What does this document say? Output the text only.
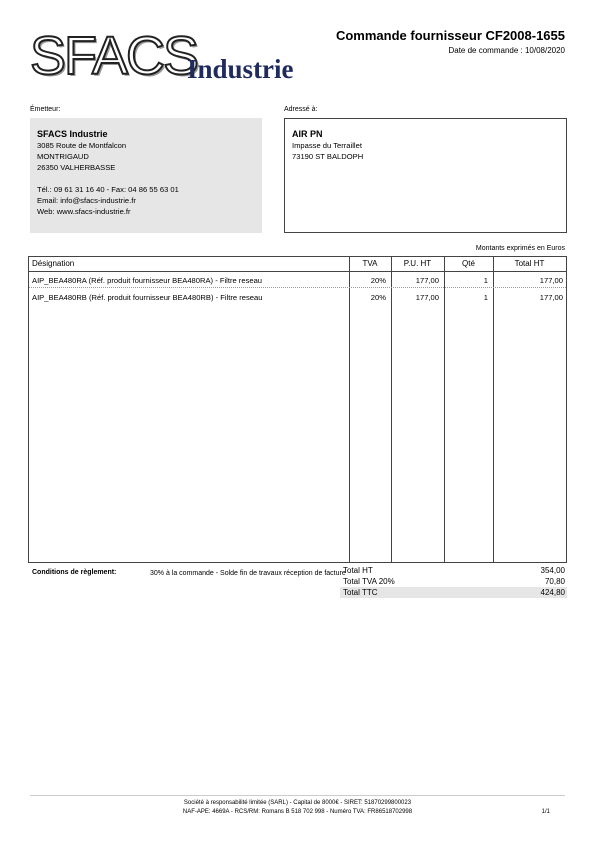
SFACS
Industrie
Commande fournisseur CF2008-1655
Date de commande : 10/08/2020
Émetteur:
SFACS Industrie
3085 Route de Montfalcon
MONTRIGAUD
26350 VALHERBASSE
Tél.: 09 61 31 16 40 - Fax: 04 86 55 63 01
Email: info@sfacs-industrie.fr
Web: www.sfacs-industrie.fr
Adressé à:
AIR PN
Impasse du Terraillet
73190 ST BALDOPH
Montants exprimés en Euros
Désignation	TVA	P.U. HT	Qté	Total HT
AIP_BEA480RA (Réf. produit fournisseur BEA480RA) - Filtre reseau	20%	177,00	1	177,00
AIP_BEA480RB (Réf. produit fournisseur BEA480RB) - Filtre reseau	20%	177,00	1	177,00
Conditions de règlement:	30% à la commande - Solde fin de travaux réception de facture
Total HT	354,00
Total TVA 20%	70,80
Total TTC	424,80
Société à responsabilité limitée (SARL) - Capital de 8000€ - SIRET: 51870299800023
NAF-APE: 4669A - RCS/RM: Romans B 518 702 998 - Numéro TVA: FR86518702998	1/1
